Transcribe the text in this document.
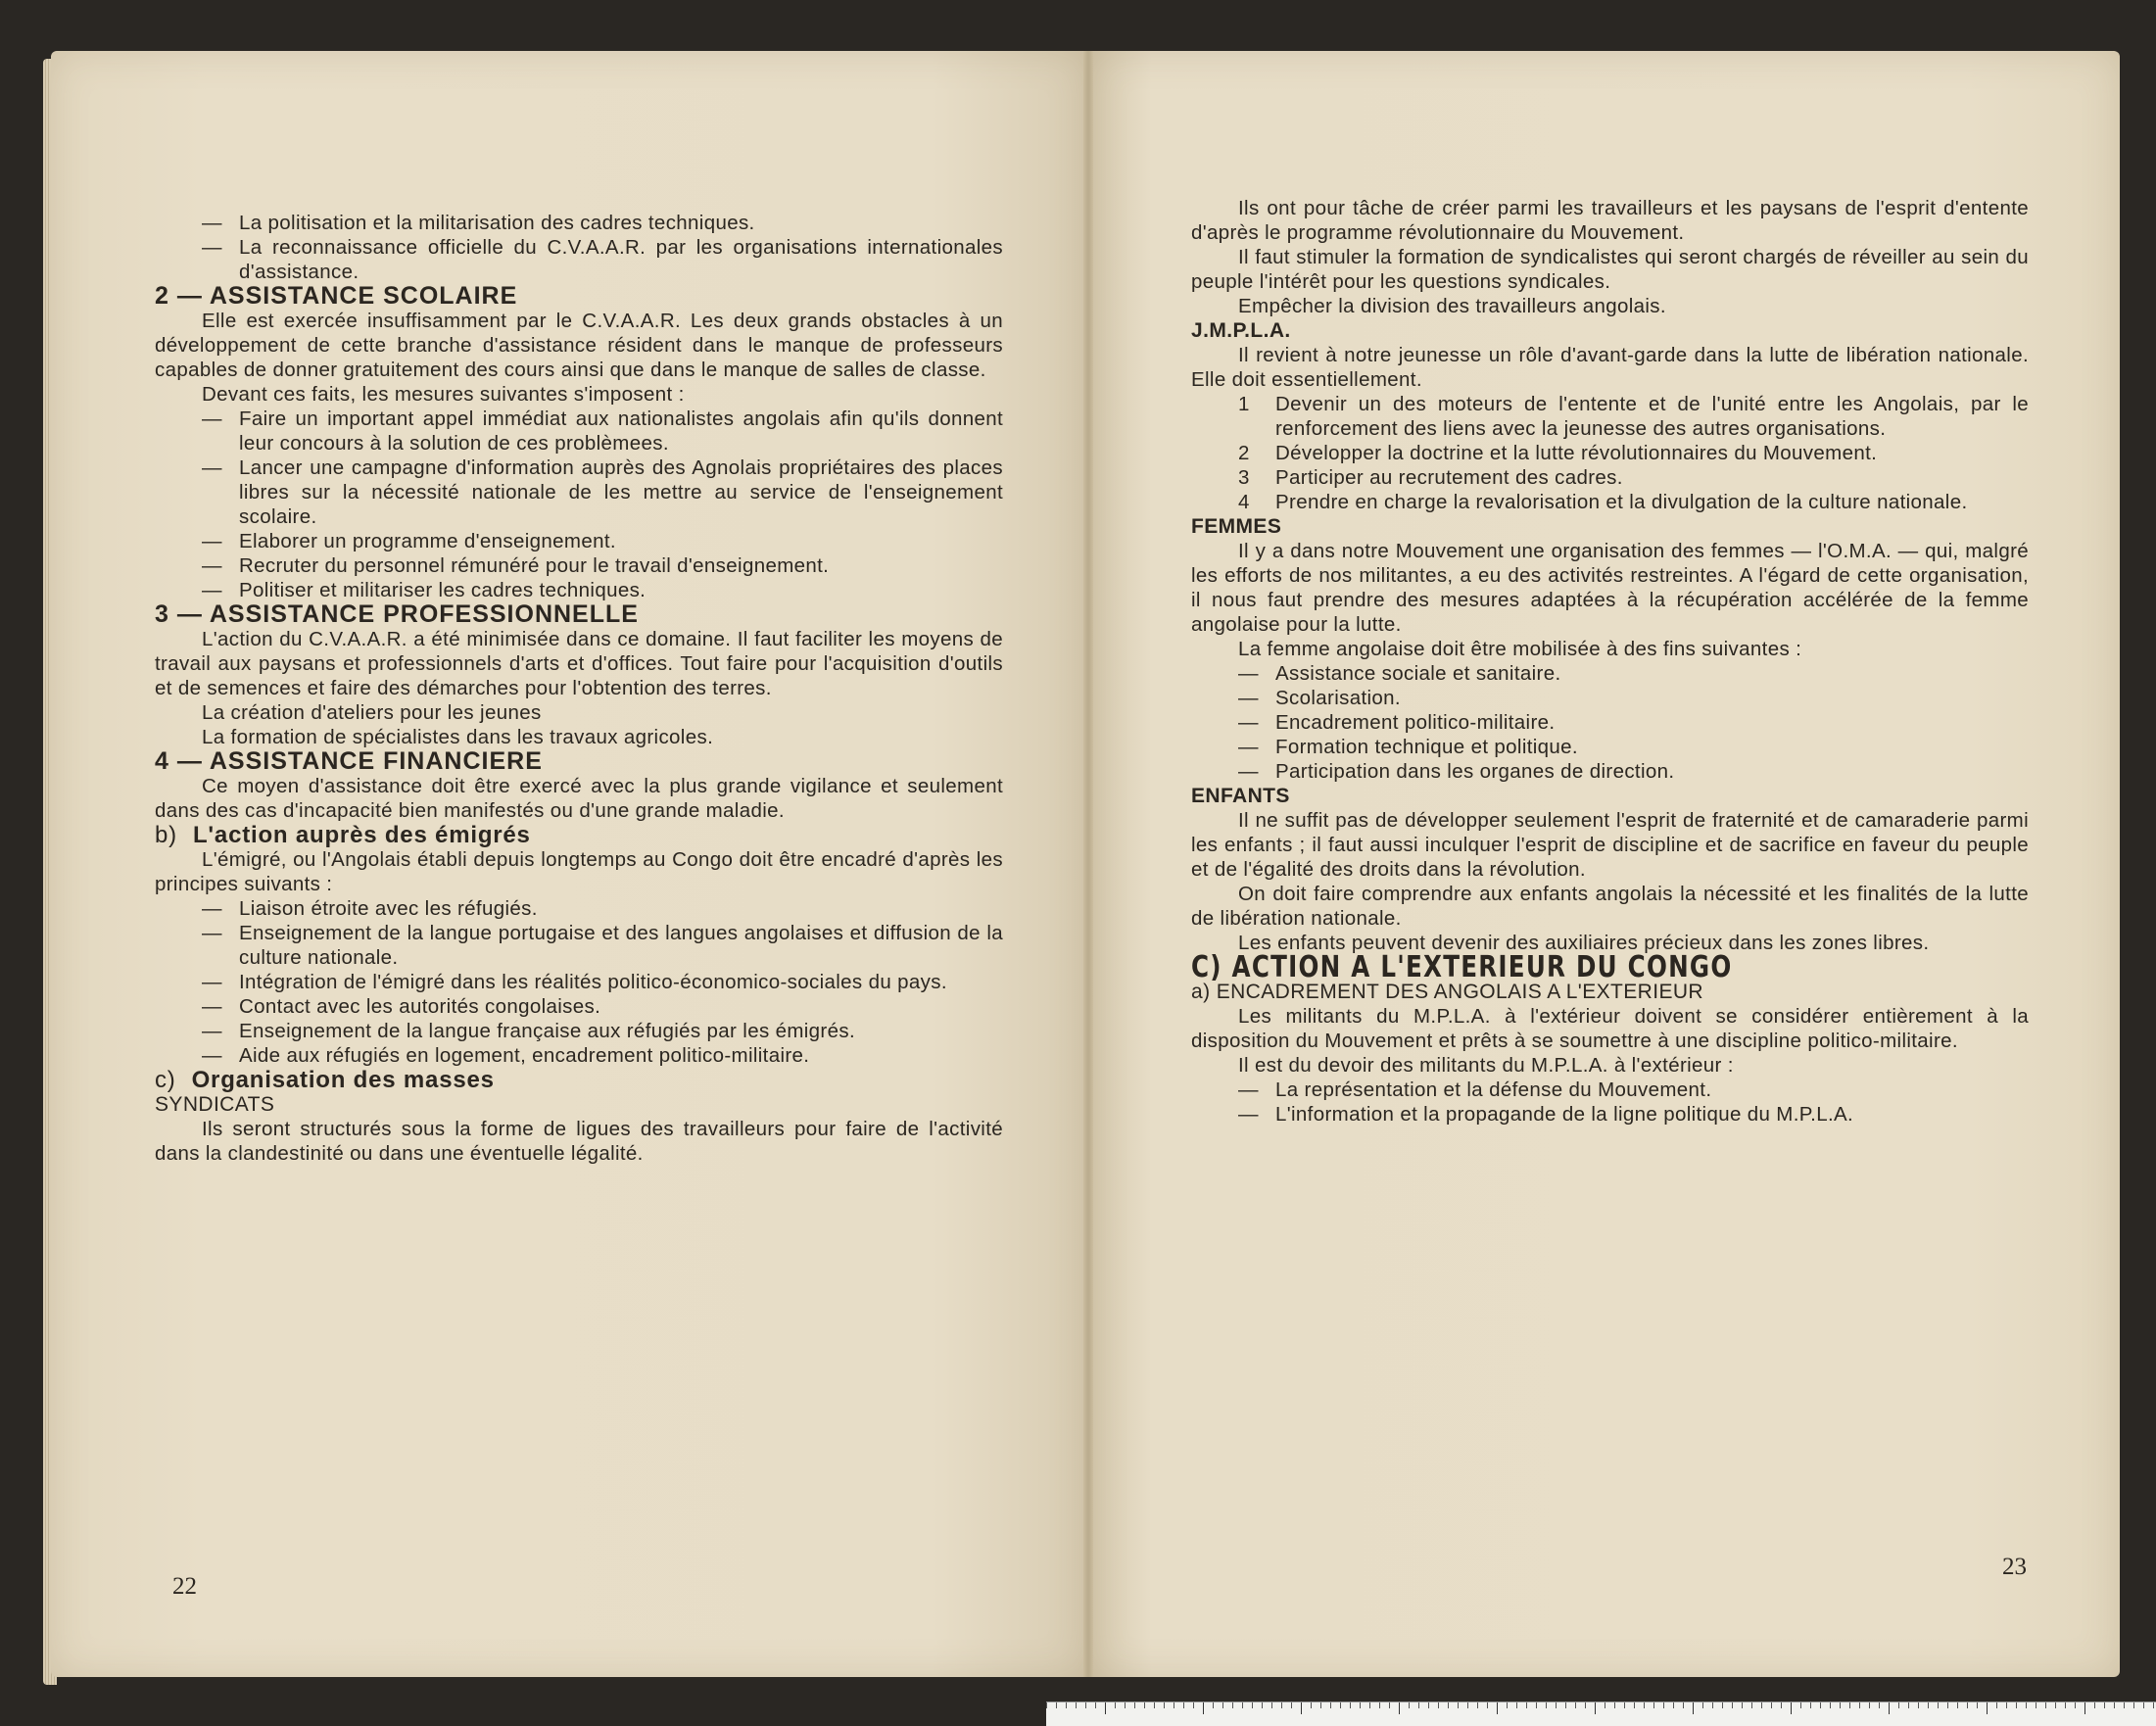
— La politisation et la militarisation des cadres techniques.
— La reconnaissance officielle du C.V.A.A.R. par les organisations internationales d'assistance.
2 — ASSISTANCE SCOLAIRE

Elle est exercée insuffisamment par le C.V.A.A.R. Les deux grands obstacles à un développement de cette branche d'assistance résident dans le manque de professeurs capables de donner gratuitement des cours ainsi que dans le manque de salles de classe.

Devant ces faits, les mesures suivantes s'imposent :

— Faire un important appel immédiat aux nationalistes angolais afin qu'ils donnent leur concours à la solution de ces problèmees.
— Lancer une campagne d'information auprès des Agnolais propriétaires des places libres sur la nécessité nationale de les mettre au service de l'enseignement scolaire.
— Elaborer un programme d'enseignement.
— Recruter du personnel rémunéré pour le travail d'enseignement.
— Politiser et militariser les cadres techniques.
3 — ASSISTANCE PROFESSIONNELLE

L'action du C.V.A.A.R. a été minimisée dans ce domaine. Il faut faciliter les moyens de travail aux paysans et professionnels d'arts et d'offices. Tout faire pour l'acquisition d'outils et de semences et faire des démarches pour l'obtention des terres.

La création d'ateliers pour les jeunes

La formation de spécialistes dans les travaux agricoles.

4 — ASSISTANCE FINANCIERE

Ce moyen d'assistance doit être exercé avec la plus grande vigilance et seulement dans des cas d'incapacité bien manifestés ou d'une grande maladie.

b) L'action auprès des émigrés

L'émigré, ou l'Angolais établi depuis longtemps au Congo doit être encadré d'après les principes suivants :

— Liaison étroite avec les réfugiés.
— Enseignement de la langue portugaise et des langues angolaises et diffusion de la culture nationale.
— Intégration de l'émigré dans les réalités politico-économico-sociales du pays.
— Contact avec les autorités congolaises.
— Enseignement de la langue française aux réfugiés par les émigrés.
— Aide aux réfugiés en logement, encadrement politico-militaire.
c) Organisation des masses
SYNDICATS

Ils seront structurés sous la forme de ligues des travailleurs pour faire de l'activité dans la clandestinité ou dans une éventuelle légalité.

22

Ils ont pour tâche de créer parmi les travailleurs et les paysans de l'esprit d'entente d'après le programme révolutionnaire du Mouvement.

Il faut stimuler la formation de syndicalistes qui seront chargés de réveiller au sein du peuple l'intérêt pour les questions syndicales.

Empêcher la division des travailleurs angolais.

J.M.P.L.A.

Il revient à notre jeunesse un rôle d'avant-garde dans la lutte de libération nationale. Elle doit essentiellement.

1	Devenir un des moteurs de l'entente et de l'unité entre les Angolais, par le renforcement des liens avec la jeunesse des autres organisations.
2	Développer la doctrine et la lutte révolutionnaires du Mouvement.
3	Participer au recrutement des cadres.
4	Prendre en charge la revalorisation et la divulgation de la culture nationale.
FEMMES

Il y a dans notre Mouvement une organisation des femmes — l'O.M.A. — qui, malgré les efforts de nos militantes, a eu des activités restreintes. A l'égard de cette organisation, il nous faut prendre des mesures adaptées à la récupération accélérée de la femme angolaise pour la lutte.

La femme angolaise doit être mobilisée à des fins suivantes :

— Assistance sociale et sanitaire.
— Scolarisation.
— Encadrement politico-militaire.
— Formation technique et politique.
— Participation dans les organes de direction.
ENFANTS

Il ne suffit pas de développer seulement l'esprit de fraternité et de camaraderie parmi les enfants ; il faut aussi inculquer l'esprit de discipline et de sacrifice en faveur du peuple et de l'égalité des droits dans la révolution.

On doit faire comprendre aux enfants angolais la nécessité et les finalités de la lutte de libération nationale.

Les enfants peuvent devenir des auxiliaires précieux dans les zones libres.

C) ACTION A L'EXTERIEUR DU CONGO
a) ENCADREMENT DES ANGOLAIS A L'EXTERIEUR

Les militants du M.P.L.A. à l'extérieur doivent se considérer entièrement à la disposition du Mouvement et prêts à se soumettre à une discipline politico-militaire.

Il est du devoir des militants du M.P.L.A. à l'extérieur :

— La représentation et la défense du Mouvement.
— L'information et la propagande de la ligne politique du M.P.L.A.
23
